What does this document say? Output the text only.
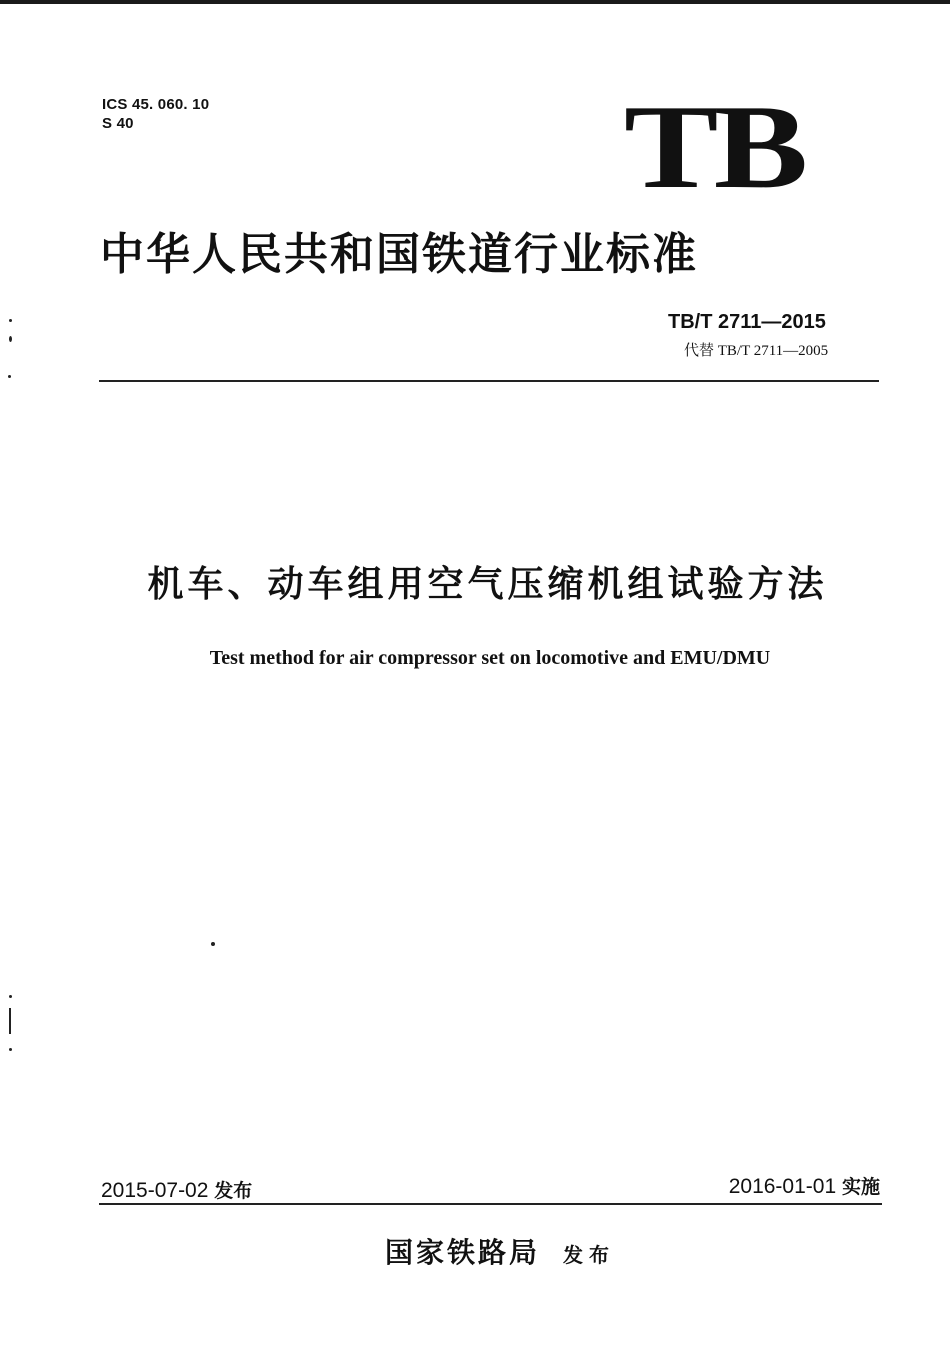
ICS 45. 060. 10
S 40	TB
中华人民共和国铁道行业标准
TB/T 2711—2015
代替 TB/T 2711—2005
机车、动车组用空气压缩机组试验方法
Test method for air compressor set on locomotive and EMU/DMU
2015-07-02 发布	2016-01-01 实施
国家铁路局 发布
